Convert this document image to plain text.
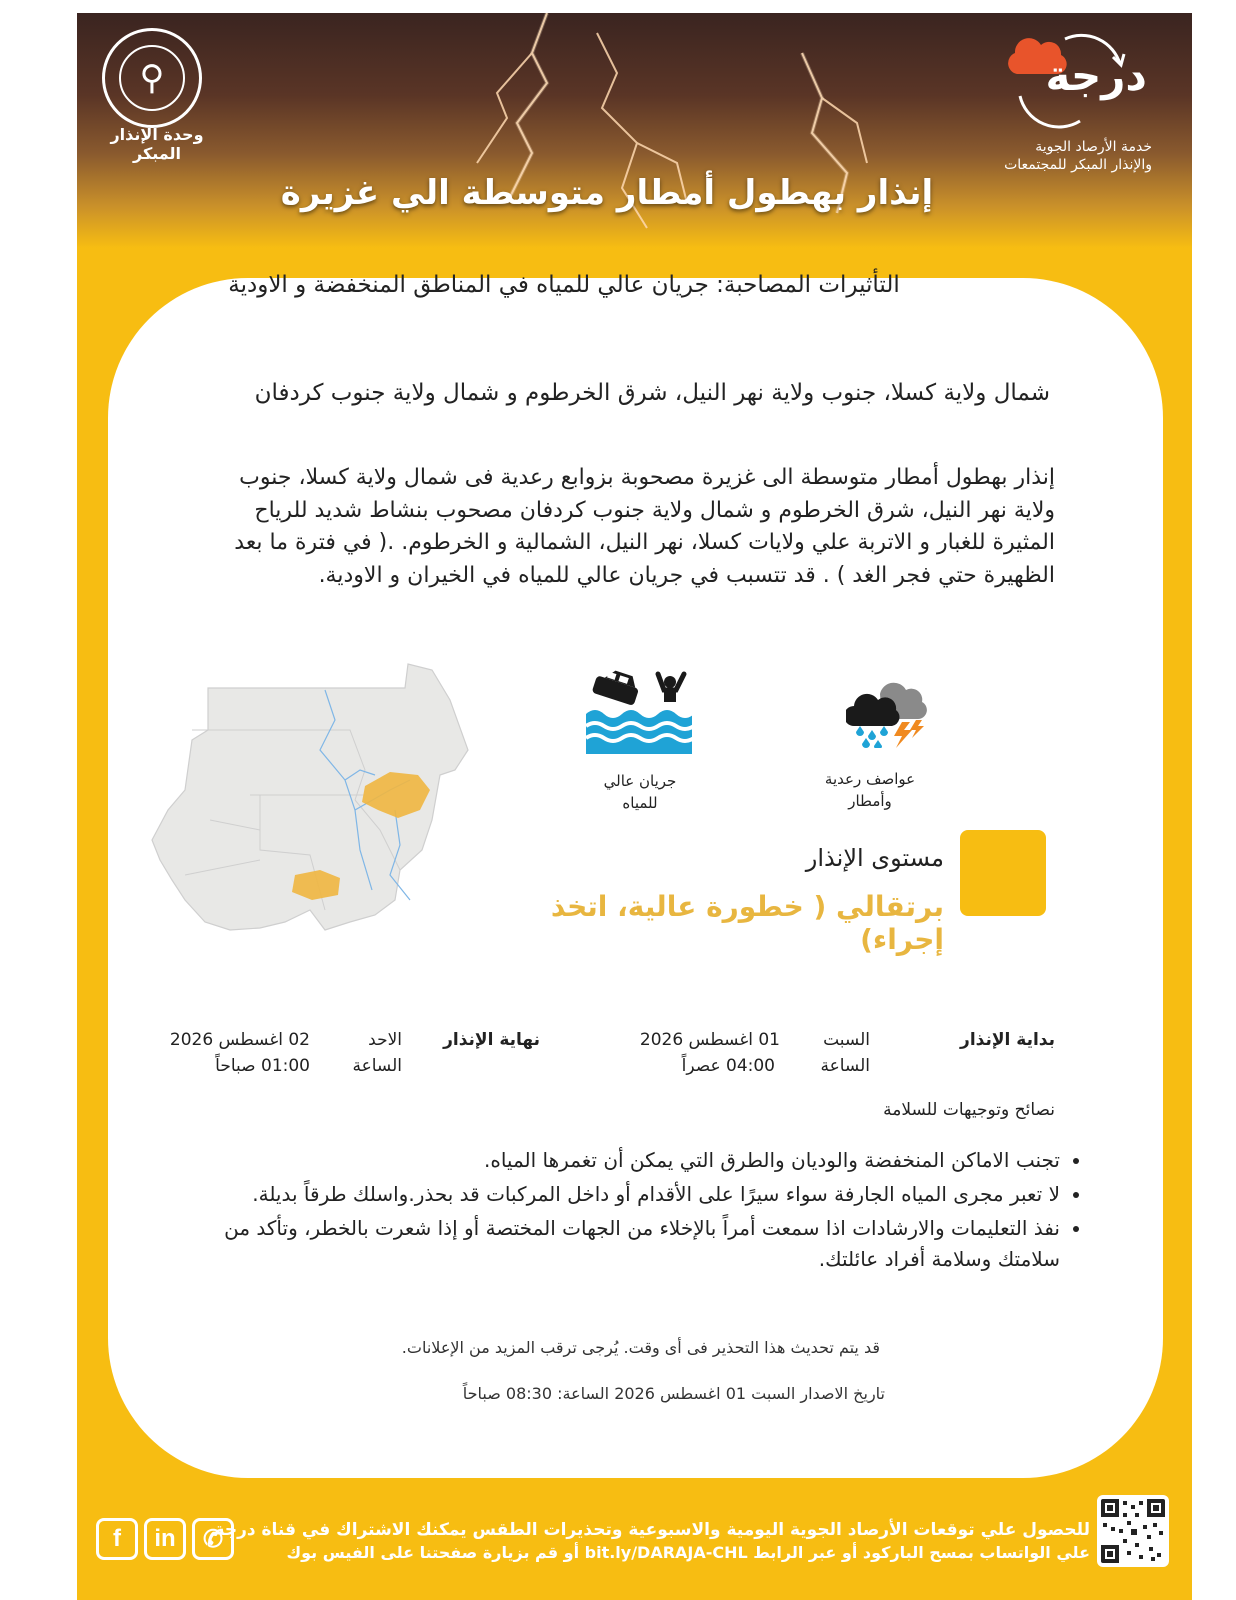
⚲
وحدة الإنذار المبكر
درجة
خدمة الأرصاد الجوية
والإنذار المبكر للمجتمعات
إنذار بهطول أمطار متوسطة الي غزيرة
التأثيرات المصاحبة: جريان عالي للمياه في المناطق المنخفضة و الاودية
شمال ولاية كسلا، جنوب ولاية نهر النيل، شرق الخرطوم و شمال ولاية جنوب كردفان
إنذار بهطول أمطار متوسطة الى غزيرة مصحوبة بزوابع رعدية فى شمال ولاية كسلا، جنوب ولاية نهر النيل، شرق الخرطوم و شمال ولاية جنوب كردفان مصحوب بنشاط شديد للرياح المثيرة للغبار و الاتربة علي ولايات كسلا، نهر النيل، الشمالية و الخرطوم. .( في فترة ما بعد الظهيرة حتي فجر الغد ) . قد تتسبب في جريان عالي للمياه في الخيران و الاودية.
جريان عالي للمياه
عواصف رعدية وأمطار
مستوى الإنذار
برتقالي ( خطورة عالية، اتخذ إجراء)
بداية الإنذار
السبت
01 اغسطس 2026
الساعة
04:00 عصراً
نهاية الإنذار
الاحد
02 اغسطس 2026
الساعة
01:00 صباحاً
نصائح وتوجيهات للسلامة
• تجنب الاماكن المنخفضة والوديان والطرق التي يمكن أن تغمرها المياه.
• لا تعبر مجرى المياه الجارفة سواء سيرًا على الأقدام أو داخل المركبات قد بحذر.واسلك طرقاً بديلة.
• نفذ التعليمات والارشادات اذا سمعت أمراً بالإخلاء من الجهات المختصة أو إذا شعرت بالخطر، وتأكد من سلامتك وسلامة أفراد عائلتك.
قد يتم تحديث هذا التحذير فى أى وقت. يُرجى ترقب المزيد من الإعلانات.
تاريخ الاصدار السبت 01 اغسطس 2026 الساعة: 08:30 صباحاً
للحصول علي توقعات الأرصاد الجوية اليومية والاسبوعية وتحذيرات الطقس يمكنك الاشتراك في قناة درجة
علي الواتساب بمسح الباركود أو عبر الرابط bit.ly/DARAJA-CHL أو قم بزيارة صفحتنا على الفيس بوك
f	in	✆
